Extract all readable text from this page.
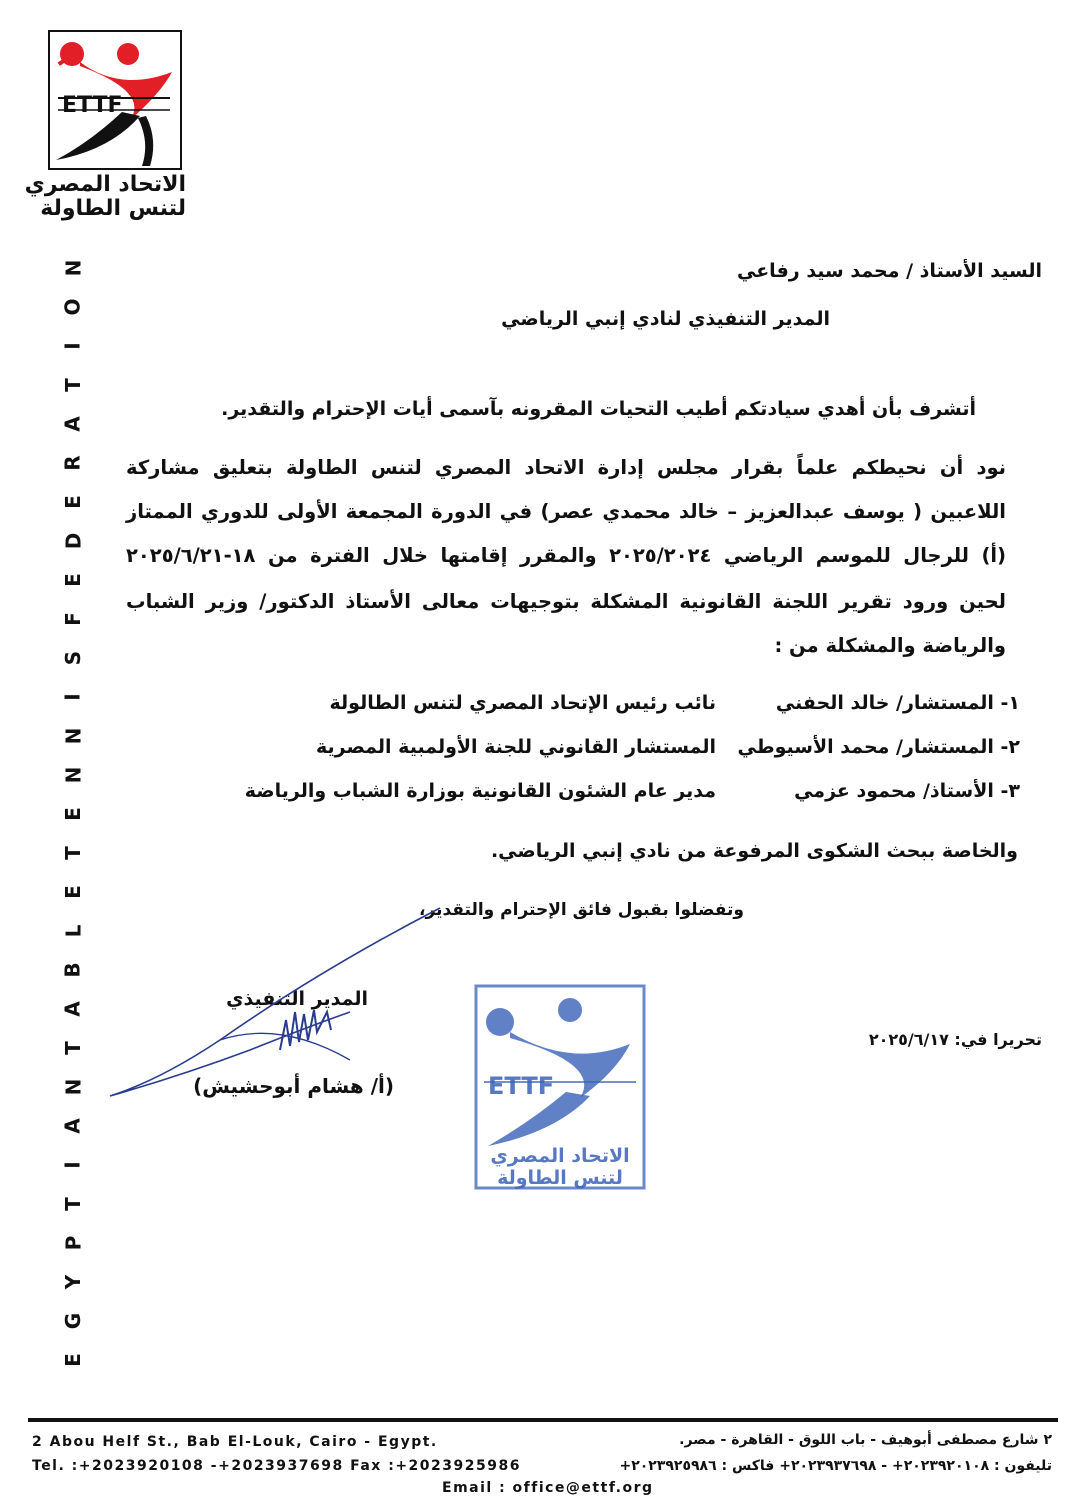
ETTF
الاتحاد المصري
لتنس الطاولة
N
O
I
T
A
R
E
D
E
F
S
I
N
N
E
T
E
L
B
A
T
N
A
I
T
P
Y
G
E
السيد الأستاذ / محمد سيد رفاعي
المدير التنفيذي لنادي إنبي الرياضي
أتشرف بأن أهدي سيادتكم أطيب التحيات المقرونه بآسمى أيات الإحترام والتقدير.
نود أن نحيطكم علماً بقرار مجلس إدارة الاتحاد المصري لتنس الطاولة بتعليق مشاركة
اللاعبين ( يوسف عبدالعزيز – خالد محمدي عصر) في الدورة المجمعة الأولى للدوري الممتاز
(أ) للرجال للموسم الرياضي ٢٠٢٥/٢٠٢٤ والمقرر إقامتها خلال الفترة من ١٨-٢٠٢٥/٦/٢١
لحين ورود تقرير اللجنة القانونية المشكلة بتوجيهات معالى الأستاذ الدكتور/ وزير الشباب
والرياضة والمشكلة من :
١- المستشار/ خالد الحفني
نائب رئيس الإتحاد المصري لتنس الطالولة
٢- المستشار/ محمد الأسيوطي
المستشار القانوني للجنة الأولمبية المصرية
٣- الأستاذ/ محمود عزمي
مدير عام الشئون القانونية بوزارة الشباب والرياضة
والخاصة ببحث الشكوى المرفوعة من نادي إنبي الرياضي.
وتفضلوا بقبول فائق الإحترام والتقدير،
المدير التنفيذي
(أ/ هشام أبوحشيش)
تحريرا في: ٢٠٢٥/٦/١٧
ETTF
الاتحاد المصري
لتنس الطاولة
2 Abou Helf St., Bab El-Louk, Cairo - Egypt.
Tel. :+2023920108 -+2023937698 Fax :+2023925986
Email : office@ettf.org
٢ شارع مصطفى أبوهيف - باب اللوق - القاهرة - مصر.
تليفون : ٢٠٢٣٩٢٠١٠٨+ - ٢٠٢٣٩٣٧٦٩٨+ فاكس : ٢٠٢٣٩٢٥٩٨٦+
